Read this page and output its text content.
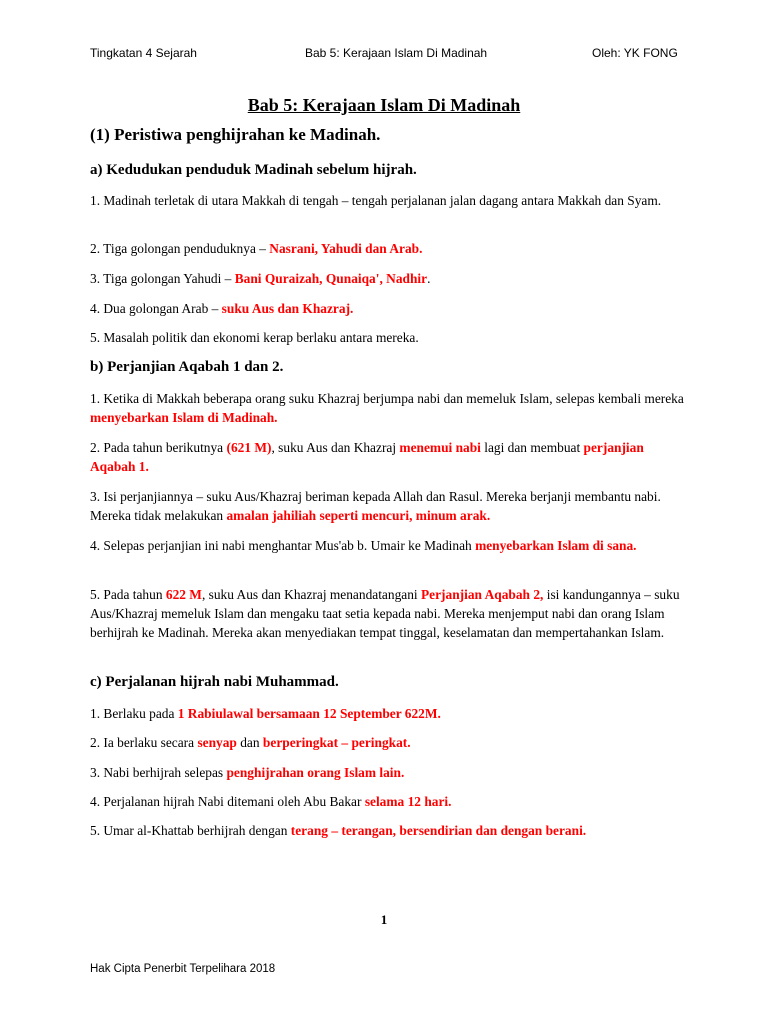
Tingkatan 4 Sejarah	Bab 5: Kerajaan Islam Di Madinah	Oleh: YK FONG
Bab 5: Kerajaan Islam Di Madinah
(1) Peristiwa penghijrahan ke Madinah.
a) Kedudukan penduduk Madinah sebelum hijrah.
1. Madinah terletak di utara Makkah di tengah – tengah perjalanan jalan dagang antara Makkah dan Syam.
2. Tiga golongan penduduknya – Nasrani, Yahudi dan Arab.
3. Tiga golongan Yahudi – Bani Quraizah, Qunaiqa', Nadhir.
4. Dua golongan Arab – suku Aus dan Khazraj.
5. Masalah politik dan ekonomi kerap berlaku antara mereka.
b) Perjanjian Aqabah 1 dan 2.
1. Ketika di Makkah beberapa orang suku Khazraj berjumpa nabi dan memeluk Islam, selepas kembali mereka menyebarkan Islam di Madinah.
2. Pada tahun berikutnya (621 M), suku Aus dan Khazraj menemui nabi lagi dan membuat perjanjian Aqabah 1.
3. Isi perjanjiannya – suku Aus/Khazraj beriman kepada Allah dan Rasul. Mereka berjanji membantu nabi. Mereka tidak melakukan amalan jahiliah seperti mencuri, minum arak.
4. Selepas perjanjian ini nabi menghantar Mus'ab b. Umair ke Madinah menyebarkan Islam di sana.
5. Pada tahun 622 M, suku Aus dan Khazraj menandatangani Perjanjian Aqabah 2, isi kandungannya – suku Aus/Khazraj memeluk Islam dan mengaku taat setia kepada nabi. Mereka menjemput nabi dan orang Islam berhijrah ke Madinah. Mereka akan menyediakan tempat tinggal, keselamatan dan mempertahankan Islam.
c) Perjalanan hijrah nabi Muhammad.
1. Berlaku pada 1 Rabiulawal bersamaan 12 September 622M.
2. Ia berlaku secara senyap dan berperingkat – peringkat.
3. Nabi berhijrah selepas penghijrahan orang Islam lain.
4. Perjalanan hijrah Nabi ditemani oleh Abu Bakar selama 12 hari.
5. Umar al-Khattab berhijrah dengan terang – terangan, bersendirian dan dengan berani.
1
Hak Cipta Penerbit Terpelihara 2018
